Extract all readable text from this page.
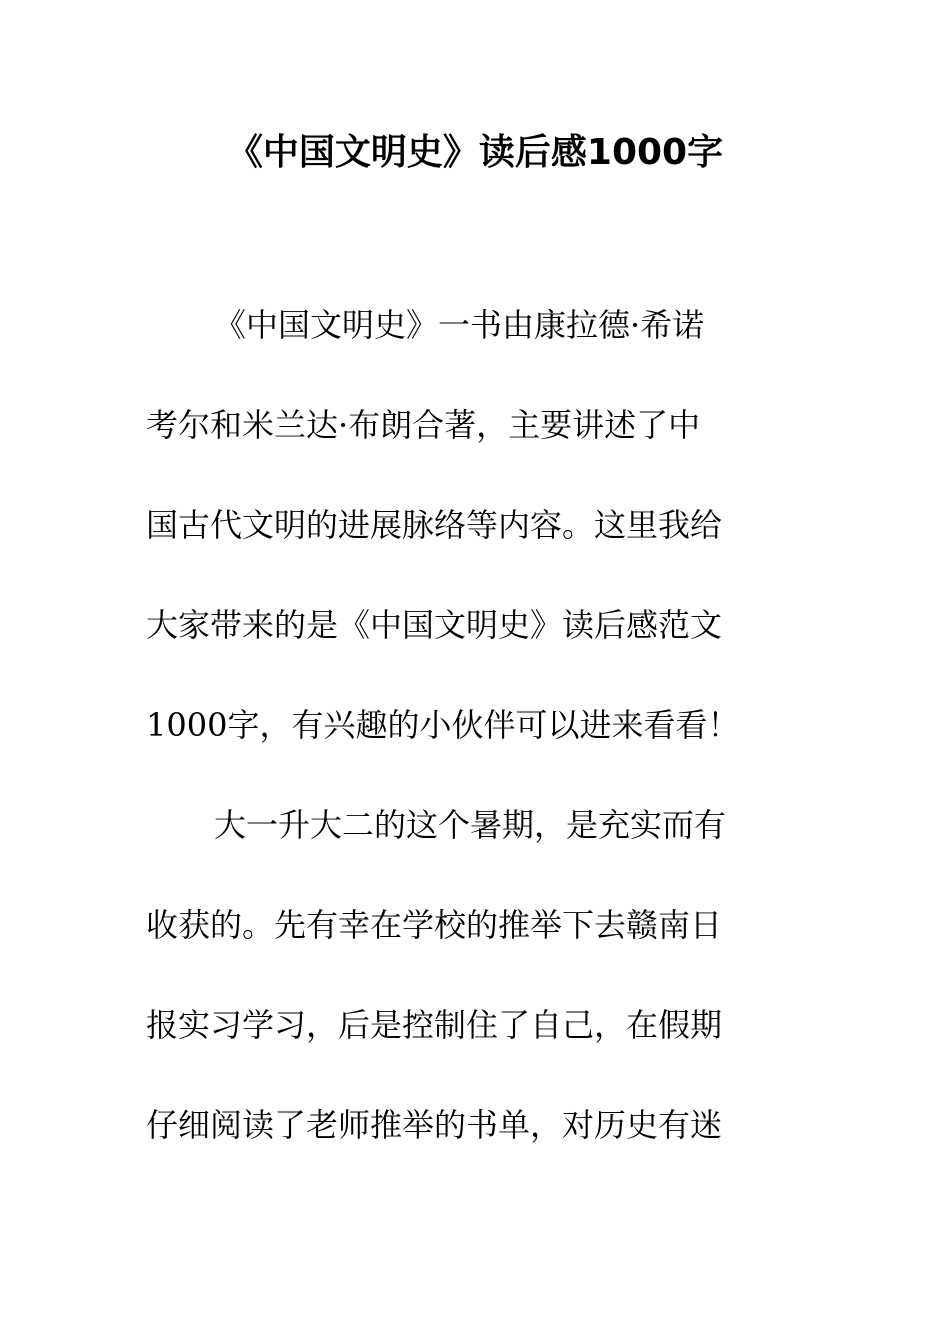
《中国文明史》读后感1000字
《中国文明史》一书由康拉德·希诺
考尔和米兰达·布朗合著，主要讲述了中
国古代文明的进展脉络等内容。这里我给
大家带来的是《中国文明史》读后感范文
1000字，有兴趣的小伙伴可以进来看看！
大一升大二的这个暑期，是充实而有
收获的。先有幸在学校的推举下去赣南日
报实习学习，后是控制住了自己，在假期
仔细阅读了老师推举的书单，对历史有迷
